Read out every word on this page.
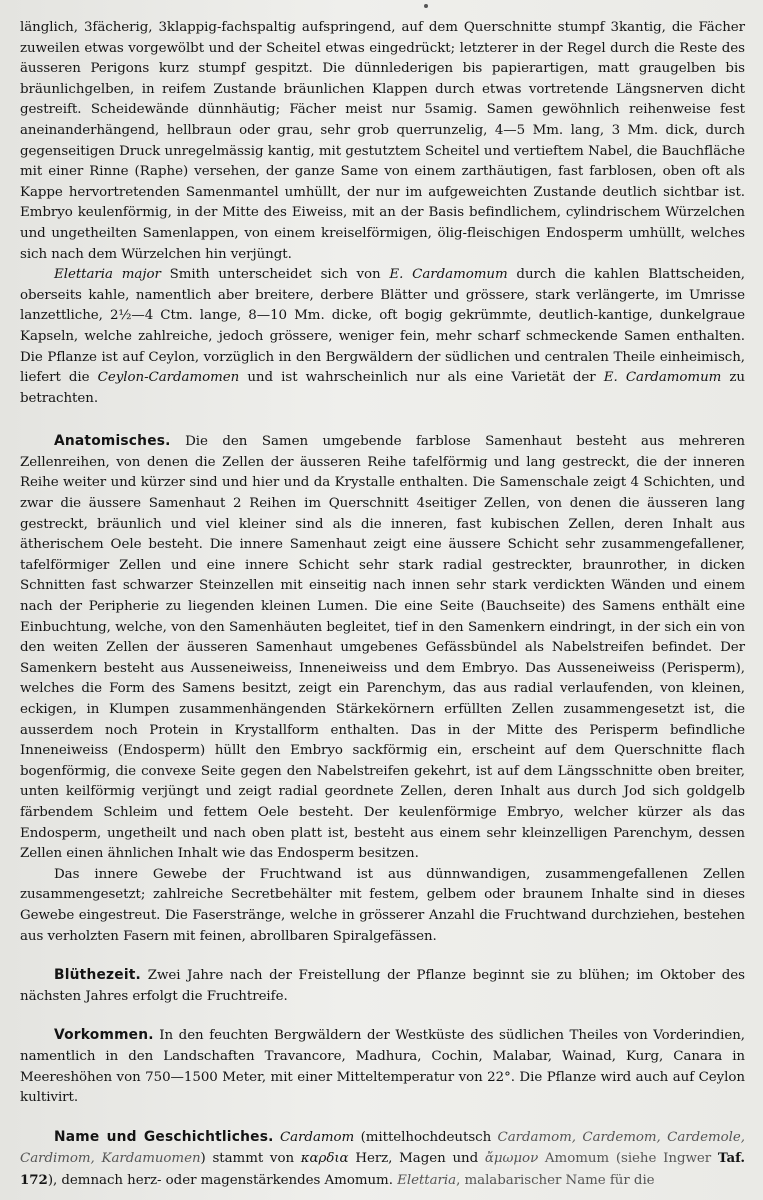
länglich, 3fächerig, 3klappig-fachspaltig aufspringend, auf dem Querschnitte stumpf 3kantig, die Fächer zuweilen etwas vorgewölbt und der Scheitel etwas eingedrückt; letzterer in der Regel durch die Reste des äusseren Perigons kurz stumpf gespitzt. Die dünnlederigen bis papierartigen, matt graugelben bis bräunlichgelben, in reifem Zustande bräunlichen Klappen durch etwas vortretende Längsnerven dicht gestreift. Scheidewände dünnhäutig; Fächer meist nur 5samig. Samen gewöhnlich reihenweise fest aneinanderhängend, hellbraun oder grau, sehr grob querrunzelig, 4—5 Mm. lang, 3 Mm. dick, durch gegenseitigen Druck unregelmässig kantig, mit gestutztem Scheitel und vertieftem Nabel, die Bauchfläche mit einer Rinne (Raphe) versehen, der ganze Same von einem zarthäutigen, fast farblosen, oben oft als Kappe hervortretenden Samenmantel umhüllt, der nur im aufgeweichten Zustande deutlich sichtbar ist. Embryo keulenförmig, in der Mitte des Eiweiss, mit an der Basis befindlichem, cylindrischem Würzelchen und ungetheilten Samenlappen, von einem kreiselförmigen, ölig-fleischigen Endosperm umhüllt, welches sich nach dem Würzelchen hin verjüngt.

Elettaria major Smith unterscheidet sich von E. Cardamomum durch die kahlen Blattscheiden, oberseits kahle, namentlich aber breitere, derbere Blätter und grössere, stark verlängerte, im Umrisse lanzettliche, 2½—4 Ctm. lange, 8—10 Mm. dicke, oft bogig gekrümmte, deutlich-kantige, dunkelgraue Kapseln, welche zahlreiche, jedoch grössere, weniger fein, mehr scharf schmeckende Samen enthalten. Die Pflanze ist auf Ceylon, vorzüglich in den Bergwäldern der südlichen und centralen Theile einheimisch, liefert die Ceylon-Cardamomen und ist wahrscheinlich nur als eine Varietät der E. Cardamomum zu betrachten.

Anatomisches. Die den Samen umgebende farblose Samenhaut besteht aus mehreren Zellenreihen, von denen die Zellen der äusseren Reihe tafelförmig und lang gestreckt, die der inneren Reihe weiter und kürzer sind und hier und da Krystalle enthalten. Die Samenschale zeigt 4 Schichten, und zwar die äussere Samenhaut 2 Reihen im Querschnitt 4seitiger Zellen, von denen die äusseren lang gestreckt, bräunlich und viel kleiner sind als die inneren, fast kubischen Zellen, deren Inhalt aus ätherischem Oele besteht. Die innere Samenhaut zeigt eine äussere Schicht sehr zusammengefallener, tafelförmiger Zellen und eine innere Schicht sehr stark radial gestreckter, braunrother, in dicken Schnitten fast schwarzer Steinzellen mit einseitig nach innen sehr stark verdickten Wänden und einem nach der Peripherie zu liegenden kleinen Lumen. Die eine Seite (Bauchseite) des Samens enthält eine Einbuchtung, welche, von den Samenhäuten begleitet, tief in den Samenkern eindringt, in der sich ein von den weiten Zellen der äusseren Samenhaut umgebenes Gefässbündel als Nabelstreifen befindet. Der Samenkern besteht aus Ausseneiweiss, Inneneiweiss und dem Embryo. Das Ausseneiweiss (Perisperm), welches die Form des Samens besitzt, zeigt ein Parenchym, das aus radial verlaufenden, von kleinen, eckigen, in Klumpen zusammenhängenden Stärkekörnern erfüllten Zellen zusammengesetzt ist, die ausserdem noch Protein in Krystallform enthalten. Das in der Mitte des Perisperm befindliche Inneneiweiss (Endosperm) hüllt den Embryo sackförmig ein, erscheint auf dem Querschnitte flach bogenförmig, die convexe Seite gegen den Nabelstreifen gekehrt, ist auf dem Längsschnitte oben breiter, unten keilförmig verjüngt und zeigt radial geordnete Zellen, deren Inhalt aus durch Jod sich goldgelb färbendem Schleim und fettem Oele besteht. Der keulenförmige Embryo, welcher kürzer als das Endosperm, ungetheilt und nach oben platt ist, besteht aus einem sehr kleinzelligen Parenchym, dessen Zellen einen ähnlichen Inhalt wie das Endosperm besitzen.

Das innere Gewebe der Fruchtwand ist aus dünnwandigen, zusammengefallenen Zellen zusammengesetzt; zahlreiche Secretbehälter mit festem, gelbem oder braunem Inhalte sind in dieses Gewebe eingestreut. Die Faserstränge, welche in grösserer Anzahl die Fruchtwand durchziehen, bestehen aus verholzten Fasern mit feinen, abrollbaren Spiralgefässen.

Blüthezeit. Zwei Jahre nach der Freistellung der Pflanze beginnt sie zu blühen; im Oktober des nächsten Jahres erfolgt die Fruchtreife.

Vorkommen. In den feuchten Bergwäldern der Westküste des südlichen Theiles von Vorderindien, namentlich in den Landschaften Travancore, Madhura, Cochin, Malabar, Wainad, Kurg, Canara in Meereshöhen von 750—1500 Meter, mit einer Mitteltemperatur von 22°. Die Pflanze wird auch auf Ceylon kultivirt.

Name und Geschichtliches. Cardamom (mittelhochdeutsch Cardamom, Cardemom, Cardemole, Cardimom, Kardamuomen) stammt von καρδια Herz, Magen und ἄμωμον Amomum (siehe Ingwer Taf. 172), demnach herz- oder magenstärkendes Amomum. Elettaria, malabarischer Name für die
